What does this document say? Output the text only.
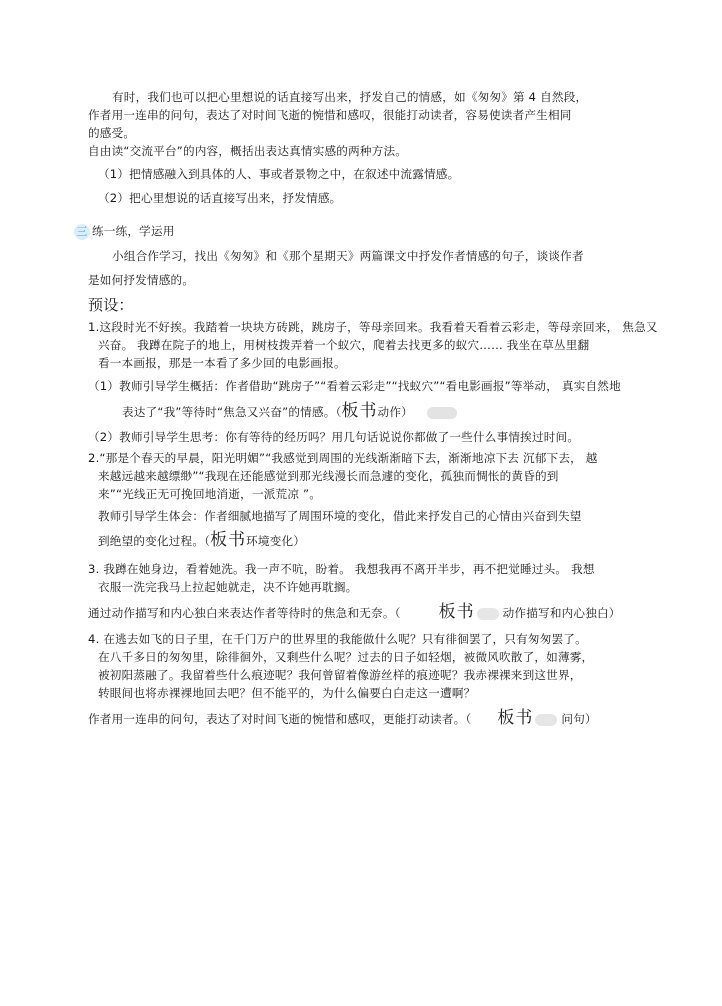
有时，我们也可以把心里想说的话直接写出来，抒发自己的情感，如《匆匆》第 4 自然段，
作者用一连串的问句，表达了对时间飞逝的惋惜和感叹，很能打动读者，容易使读者产生相同
的感受。
自由读“交流平台”的内容，概括出表达真情实感的两种方法。
（1）把情感融入到具体的人、事或者景物之中，在叙述中流露情感。
（2）把心里想说的话直接写出来，抒发情感。
三 练一练，学运用
小组合作学习，找出《匆匆》和《那个星期天》两篇课文中抒发作者情感的句子，谈谈作者
是如何抒发情感的。
预设：
1.这段时光不好挨。我踏着一块块方砖跳，跳房子，等母亲回来。我看着天看着云彩走，等母亲回来， 焦急又
兴奋。 我蹲在院子的地上，用树枝拨弄着一个蚁穴，爬着去找更多的蚁穴…… 我坐在草丛里翻
看一本画报，那是一本看了多少回的电影画报。
（1）教师引导学生概括：作者借助“跳房子”“看着云彩走”“找蚁穴”“看电影画报”等举动， 真实自然地
表达了“我”等待时“焦急又兴奋”的情感。（板书动作）
（2）教师引导学生思考：你有等待的经历吗？用几句话说说你都做了一些什么事情挨过时间。
2.“那是个春天的早晨，阳光明媚”“我感觉到周围的光线渐渐暗下去，渐渐地凉下去 沉郁下去， 越
来越远越来越缥缈”“我现在还能感觉到那光线漫长而急遽的变化，孤独而惆怅的黄昏的到
来”“光线正无可挽回地消逝，一派荒凉 ”。
教师引导学生体会：作者细腻地描写了周围环境的变化，借此来抒发自己的心情由兴奋到失望
到绝望的变化过程。（板书环境变化）
3. 我蹲在她身边，看着她洗。我一声不吭，盼着。 我想我再不离开半步，再不把觉睡过头。 我想
衣服一洗完我马上拉起她就走，决不许她再耽搁。
通过动作描写和内心独白来表达作者等待时的焦急和无奈。（ 板书 动作描写和内心独白）
4. 在逃去如飞的日子里，在千门万户的世界里的我能做什么呢？只有徘徊罢了，只有匆匆罢了。
在八千多日的匆匆里，除徘徊外，又剩些什么呢？过去的日子如轻烟，被微风吹散了，如薄雾，
被初阳蒸融了。我留着些什么痕迹呢？我何曾留着像游丝样的痕迹呢？我赤裸裸来到这世界，
转眼间也将赤裸裸地回去吧？但不能平的，为什么偏要白白走这一遭啊？
作者用一连串的问句，表达了对时间飞逝的惋惜和感叹，更能打动读者。（ 板书 问句）
